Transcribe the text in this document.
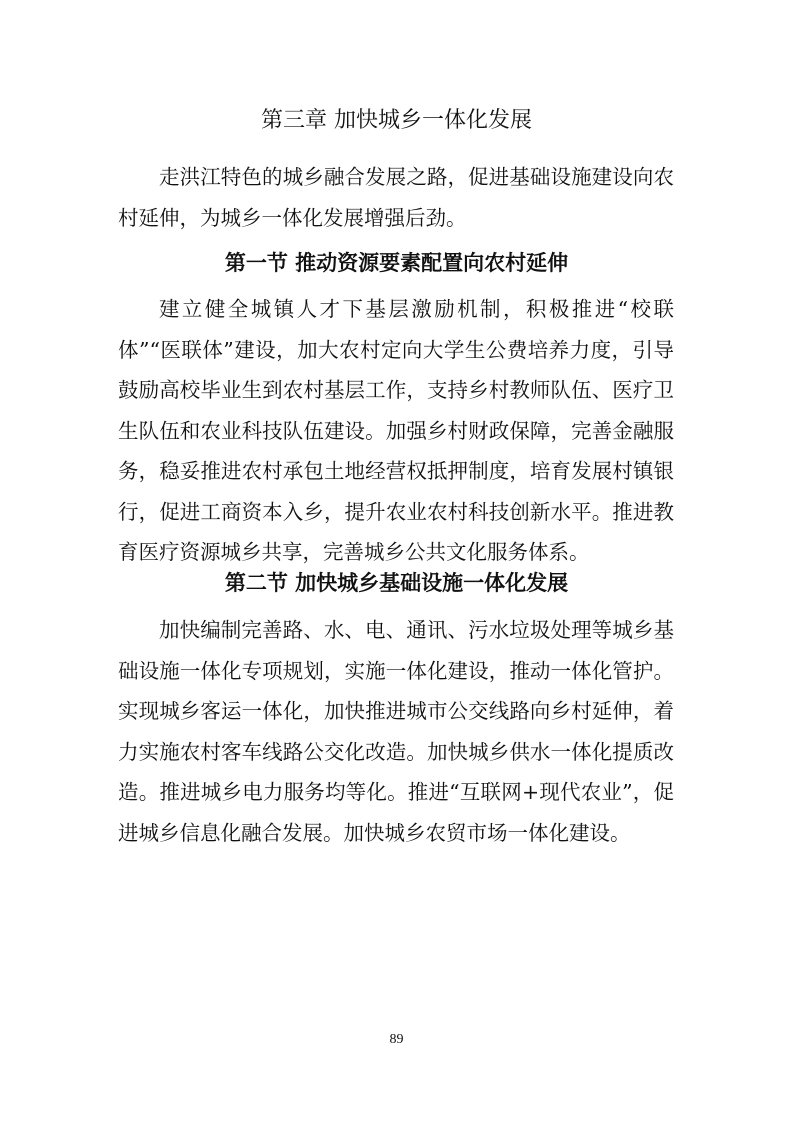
第三章 加快城乡一体化发展

走洪江特色的城乡融合发展之路，促进基础设施建设向农村延伸，为城乡一体化发展增强后劲。

第一节 推动资源要素配置向农村延伸

建立健全城镇人才下基层激励机制，积极推进“校联体”“医联体”建设，加大农村定向大学生公费培养力度，引导鼓励高校毕业生到农村基层工作，支持乡村教师队伍、医疗卫生队伍和农业科技队伍建设。加强乡村财政保障，完善金融服务，稳妥推进农村承包土地经营权抵押制度，培育发展村镇银行，促进工商资本入乡，提升农业农村科技创新水平。推进教育医疗资源城乡共享，完善城乡公共文化服务体系。

第二节 加快城乡基础设施一体化发展

加快编制完善路、水、电、通讯、污水垃圾处理等城乡基础设施一体化专项规划，实施一体化建设，推动一体化管护。实现城乡客运一体化，加快推进城市公交线路向乡村延伸，着力实施农村客车线路公交化改造。加快城乡供水一体化提质改造。推进城乡电力服务均等化。推进“互联网+现代农业”，促进城乡信息化融合发展。加快城乡农贸市场一体化建设。

89
